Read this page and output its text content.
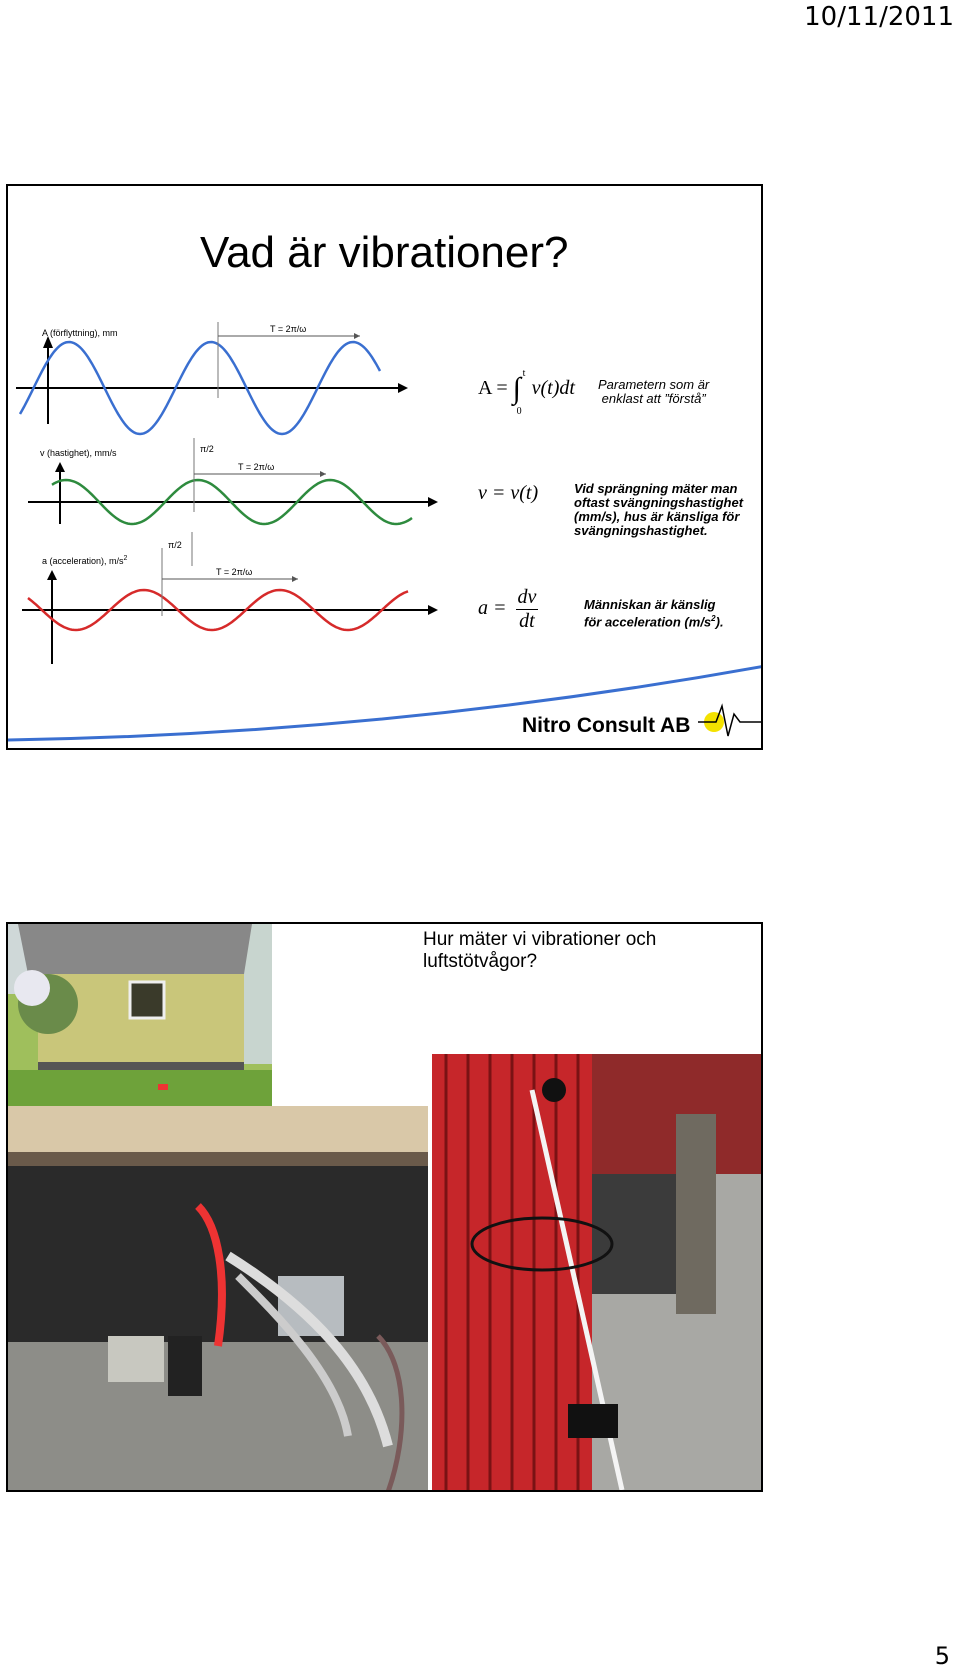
10/11/2011
Vad är vibrationer?
A (förflyttning), mm	T = 2π/ω
v (hastighet), mm/s
T = 2π/ω
π/2
a (acceleration), $m/s^2$
T = 2π/ω
π/2
A = ∫ t
0
v(t)dt
v = v(t)
$a = \frac{dv}{dt}$
Parametern som är
enklast att ”förstå”
Vid sprängning mäter man
oftast svängningshastighet
(mm/s), hus är känsliga för
svängningshastighet.
Människan är känslig
för acceleration $(m/s^2)$.
Nitro Consult AB
Hur mäter vi vibrationer och luftstötvågor?
5
